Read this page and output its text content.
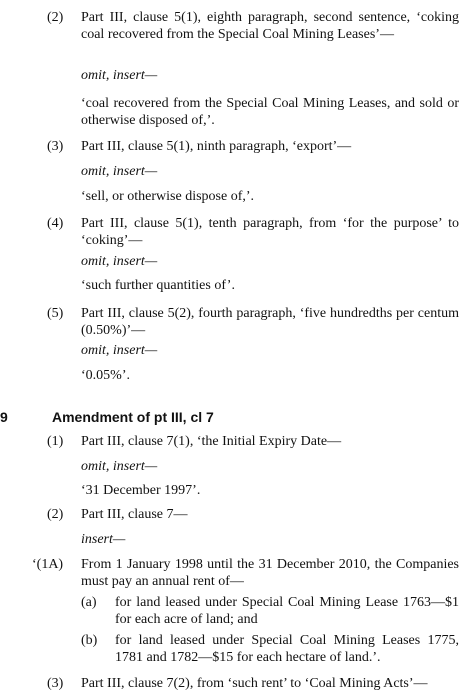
(2) Part III, clause 5(1), eighth paragraph, second sentence, ‘coking coal recovered from the Special Coal Mining Leases’—
omit, insert—
‘coal recovered from the Special Coal Mining Leases, and sold or otherwise disposed of,’.
(3) Part III, clause 5(1), ninth paragraph, ‘export’—
omit, insert—
‘sell, or otherwise dispose of,’.
(4) Part III, clause 5(1), tenth paragraph, from ‘for the purpose’ to ‘coking’—
omit, insert—
‘such further quantities of’.
(5) Part III, clause 5(2), fourth paragraph, ‘five hundredths per centum (0.50%)’—
omit, insert—
‘0.05%’.
9	Amendment of pt III, cl 7
(1) Part III, clause 7(1), ‘the Initial Expiry Date—
omit, insert—
‘31 December 1997’.
(2) Part III, clause 7—
insert—
‘(1A) From 1 January 1998 until the 31 December 2010, the Companies must pay an annual rent of—
(a) for land leased under Special Coal Mining Lease 1763—$1 for each acre of land; and
(b) for land leased under Special Coal Mining Leases 1775, 1781 and 1782—$15 for each hectare of land.’.
(3) Part III, clause 7(2), from ‘such rent’ to ‘Coal Mining Acts’—
